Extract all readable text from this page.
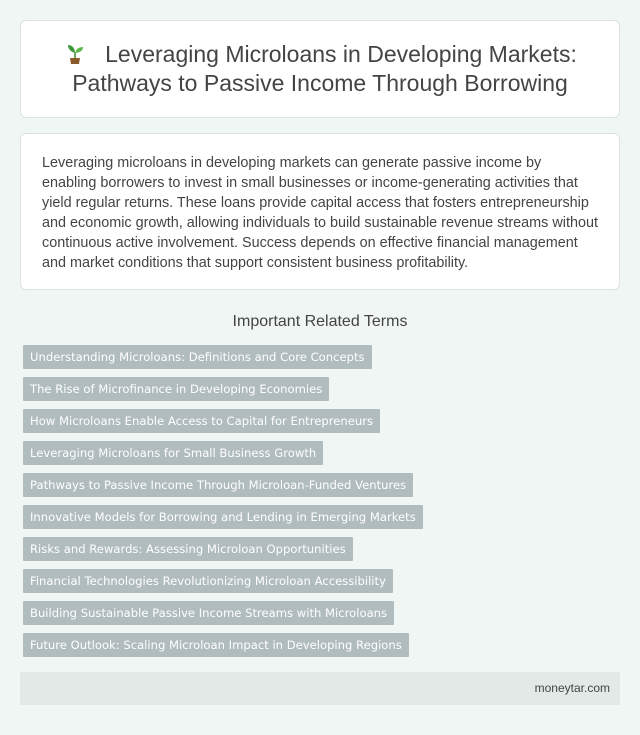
Leveraging Microloans in Developing Markets: Pathways to Passive Income Through Borrowing

Leveraging microloans in developing markets can generate passive income by enabling borrowers to invest in small businesses or income-generating activities that yield regular returns. These loans provide capital access that fosters entrepreneurship and economic growth, allowing individuals to build sustainable revenue streams without continuous active involvement. Success depends on effective financial management and market conditions that support consistent business profitability.

Important Related Terms
Understanding Microloans: Definitions and Core Concepts
The Rise of Microfinance in Developing Economies
How Microloans Enable Access to Capital for Entrepreneurs
Leveraging Microloans for Small Business Growth
Pathways to Passive Income Through Microloan-Funded Ventures
Innovative Models for Borrowing and Lending in Emerging Markets
Risks and Rewards: Assessing Microloan Opportunities
Financial Technologies Revolutionizing Microloan Accessibility
Building Sustainable Passive Income Streams with Microloans
Future Outlook: Scaling Microloan Impact in Developing Regions
moneytar.com
